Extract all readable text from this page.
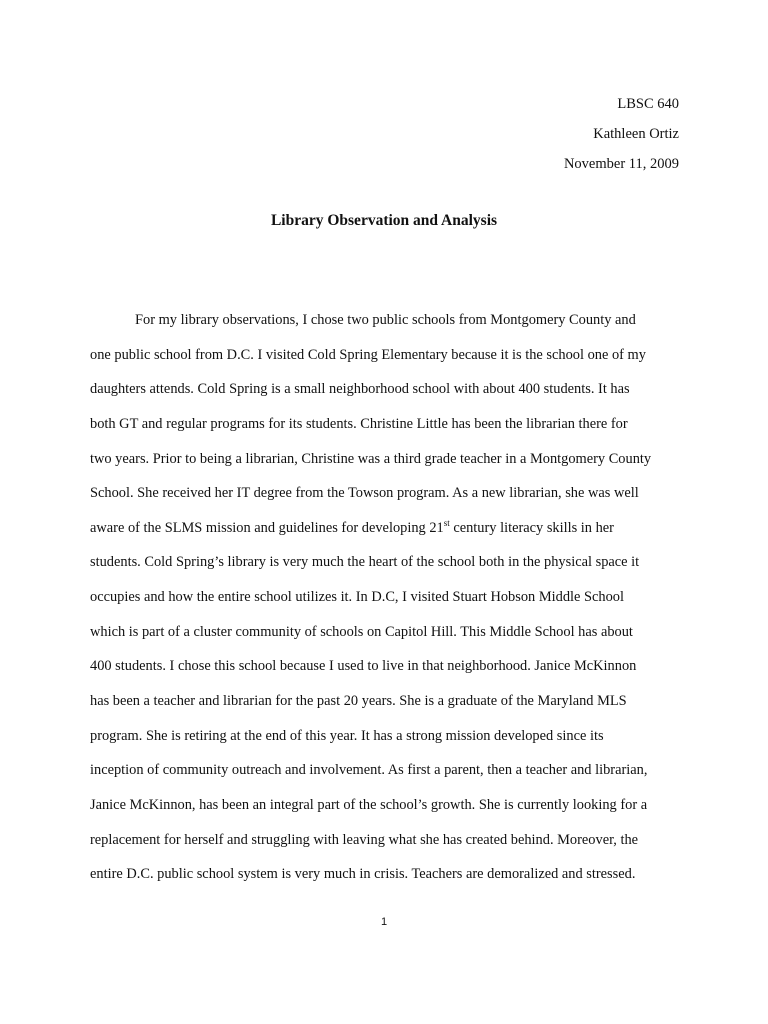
LBSC 640
Kathleen Ortiz
November 11, 2009
Library Observation and Analysis
For my library observations, I chose two public schools from Montgomery County and
one public school from D.C. I visited Cold Spring Elementary because it is the school one of my
daughters attends. Cold Spring is a small neighborhood school with about 400 students. It has
both GT and regular programs for its students. Christine Little has been the librarian there for
two years. Prior to being a librarian, Christine was a third grade teacher in a Montgomery County
School. She received her IT degree from the Towson program. As a new librarian, she was well
aware of the SLMS mission and guidelines for developing 21st century literacy skills in her
students. Cold Spring’s library is very much the heart of the school both in the physical space it
occupies and how the entire school utilizes it. In D.C, I visited Stuart Hobson Middle School
which is part of a cluster community of schools on Capitol Hill. This Middle School has about
400 students. I chose this school because I used to live in that neighborhood. Janice McKinnon
has been a teacher and librarian for the past 20 years. She is a graduate of the Maryland MLS
program. She is retiring at the end of this year. It has a strong mission developed since its
inception of community outreach and involvement. As first a parent, then a teacher and librarian,
Janice McKinnon, has been an integral part of the school’s growth. She is currently looking for a
replacement for herself and struggling with leaving what she has created behind. Moreover, the
entire D.C. public school system is very much in crisis. Teachers are demoralized and stressed.
1
